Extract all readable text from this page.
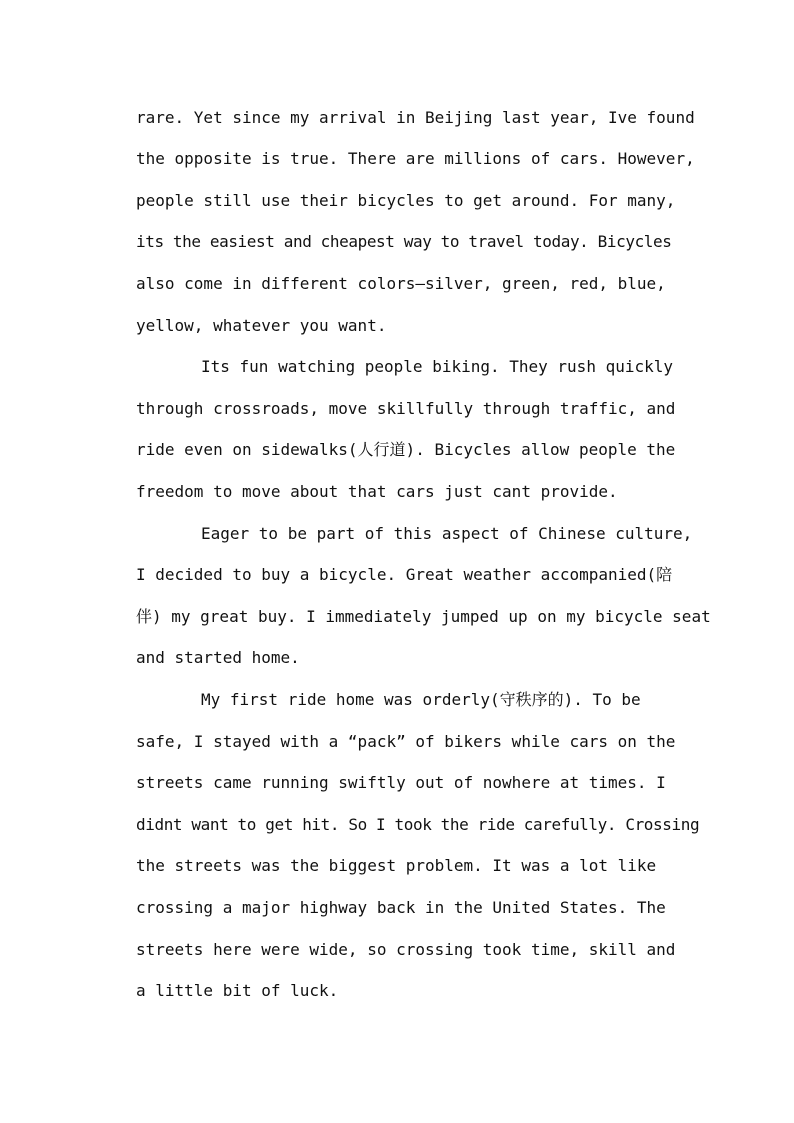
rare. Yet since my arrival in Beijing last year, Ive found
the opposite is true. There are millions of cars. However,
people still use their bicycles to get around. For many,
its the easiest and cheapest way to travel today. Bicycles
also come in different colors—silver, green, red, blue,
yellow, whatever you want.
Its fun watching people biking. They rush quickly
through crossroads, move skillfully through traffic, and
ride even on sidewalks(人行道). Bicycles allow people the
freedom to move about that cars just cant provide.
Eager to be part of this aspect of Chinese culture,
I decided to buy a bicycle. Great weather accompanied(陪
伴) my great buy. I immediately jumped up on my bicycle seat
and started home.
My first ride home was orderly(守秩序的). To be
safe, I stayed with a “pack” of bikers while cars on the
streets came running swiftly out of nowhere at times. I
didnt want to get hit. So I took the ride carefully. Crossing
the streets was the biggest problem. It was a lot like
crossing a major highway back in the United States. The
streets here were wide, so crossing took time, skill and
a little bit of luck.
